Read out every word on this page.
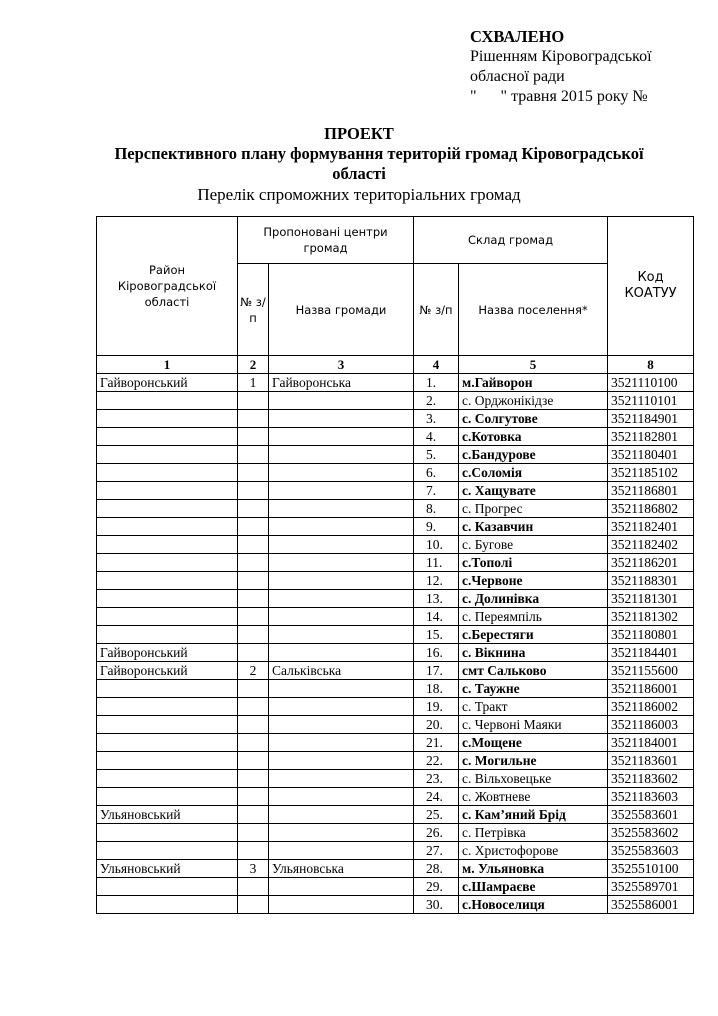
СХВАЛЕНО
Рішенням Кіровоградської
обласної ради
"      " травня 2015 року №
ПРОЕКТ
Перспективного плану формування територій громад Кіровоградської
області
Перелік спроможних територіальних громад
Район Кіровоградської області	Пропоновані центри громад		Склад громад		Код КОАТУУ
	№ з/п	Назва громади	№ з/п	Назва поселення*	
1	2	3	4	5	8
Гайворонський	1	Гайворонська	1.	м.Гайворон	3521110100
			2.	с. Орджонікідзе	3521110101
			3.	с. Солгутове	3521184901
			4.	с.Котовка	3521182801
			5.	с.Бандурове	3521180401
			6.	с.Соломія	3521185102
			7.	с. Хащувате	3521186801
			8.	с. Прогрес	3521186802
			9.	с. Казавчин	3521182401
			10.	с. Бугове	3521182402
			11.	с.Тополі	3521186201
			12.	с.Червоне	3521188301
			13.	с. Долинівка	3521181301
			14.	с. Переямпіль	3521181302
			15.	с.Берестяги	3521180801
Гайворонський			16.	с. Вікнина	3521184401
Гайворонський	2	Сальківська	17.	смт Сальково	3521155600
			18.	с. Таужне	3521186001
			19.	с. Тракт	3521186002
			20.	с. Червоні Маяки	3521186003
			21.	с.Мощене	3521184001
			22.	с. Могильне	3521183601
			23.	с. Вільховецьке	3521183602
			24.	с. Жовтневе	3521183603
Ульяновський			25.	с. Кам’яний Брід	3525583601
			26.	с. Петрівка	3525583602
			27.	с. Христофорове	3525583603
Ульяновський	3	Ульяновська	28.	м. Ульяновка	3525510100
			29.	с.Шамраєве	3525589701
			30.	с.Новоселиця	3525586001
